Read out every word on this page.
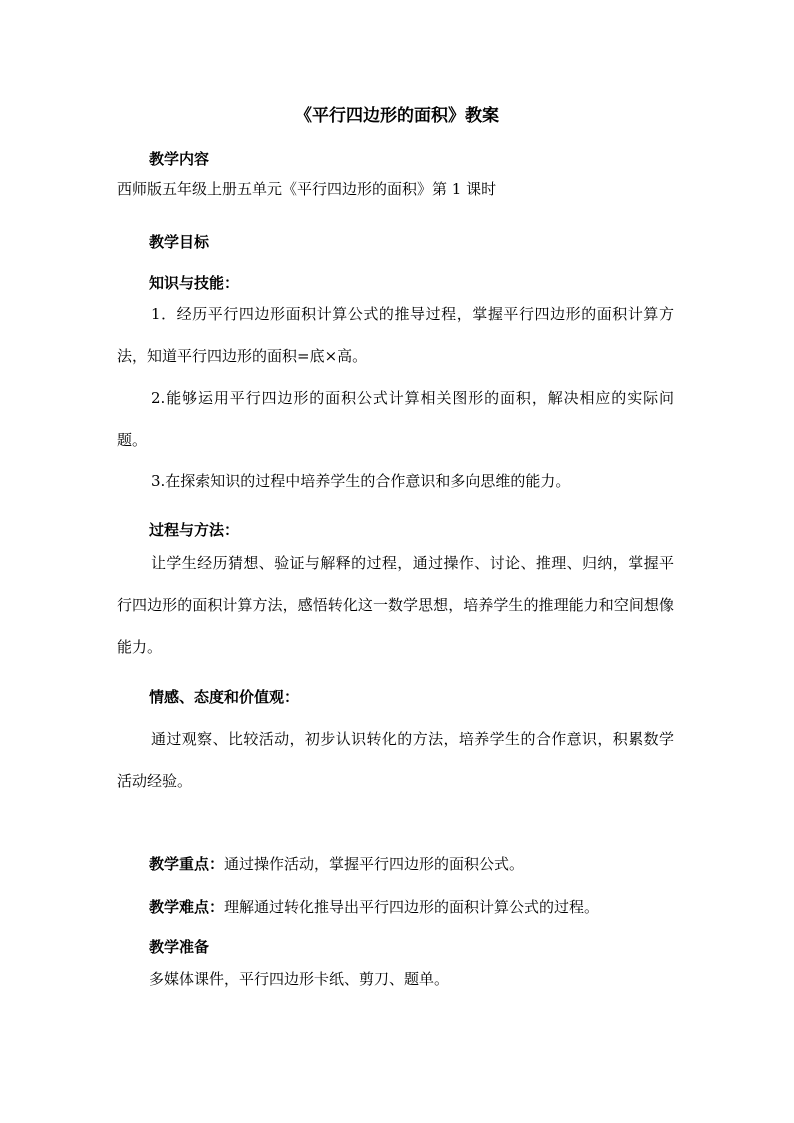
《平行四边形的面积》教案
教学内容
西师版五年级上册五单元《平行四边形的面积》第 1 课时
教学目标
知识与技能：

1．经历平行四边形面积计算公式的推导过程，掌握平行四边形的面积计算方法，知道平行四边形的面积=底×高。

2.能够运用平行四边形的面积公式计算相关图形的面积，解决相应的实际问题。

3.在探索知识的过程中培养学生的合作意识和多向思维的能力。

过程与方法：

让学生经历猜想、验证与解释的过程，通过操作、讨论、推理、归纳，掌握平行四边形的面积计算方法，感悟转化这一数学思想，培养学生的推理能力和空间想像能力。

情感、态度和价值观：

通过观察、比较活动，初步认识转化的方法，培养学生的合作意识，积累数学活动经验。

教学重点：通过操作活动，掌握平行四边形的面积公式。
教学难点：理解通过转化推导出平行四边形的面积计算公式的过程。
教学准备
多媒体课件，平行四边形卡纸、剪刀、题单。
